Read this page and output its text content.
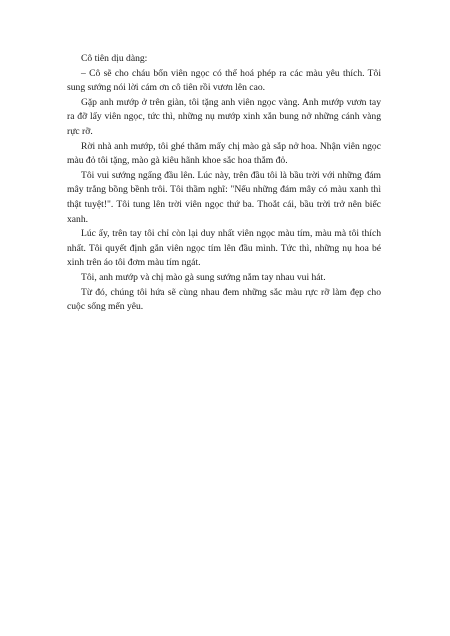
Cô tiên dịu dàng:

– Cô sẽ cho cháu bốn viên ngọc có thể hoá phép ra các màu yêu thích. Tôi sung sướng nói lời cám ơn cô tiên rồi vươn lên cao.

Gặp anh mướp ở trên giàn, tôi tặng anh viên ngọc vàng. Anh mướp vươn tay ra đỡ lấy viên ngọc, tức thì, những nụ mướp xinh xắn bung nở những cánh vàng rực rỡ.

Rời nhà anh mướp, tôi ghé thăm mấy chị mào gà sắp nở hoa. Nhận viên ngọc màu đỏ tôi tặng, mào gà kiêu hãnh khoe sắc hoa thắm đỏ.

Tôi vui sướng ngẩng đầu lên. Lúc này, trên đầu tôi là bầu trời với những đám mây trắng bồng bềnh trôi. Tôi thầm nghĩ: "Nếu những đám mây có màu xanh thì thật tuyệt!". Tôi tung lên trời viên ngọc thứ ba. Thoắt cái, bầu trời trở nên biếc xanh.

Lúc ấy, trên tay tôi chỉ còn lại duy nhất viên ngọc màu tím, màu mà tôi thích nhất. Tôi quyết định gắn viên ngọc tím lên đầu mình. Tức thì, những nụ hoa bé xinh trên áo tôi đơm màu tím ngát.

Tôi, anh mướp và chị mào gà sung sướng nắm tay nhau vui hát.

Từ đó, chúng tôi hứa sẽ cùng nhau đem những sắc màu rực rỡ làm đẹp cho cuộc sống mến yêu.
